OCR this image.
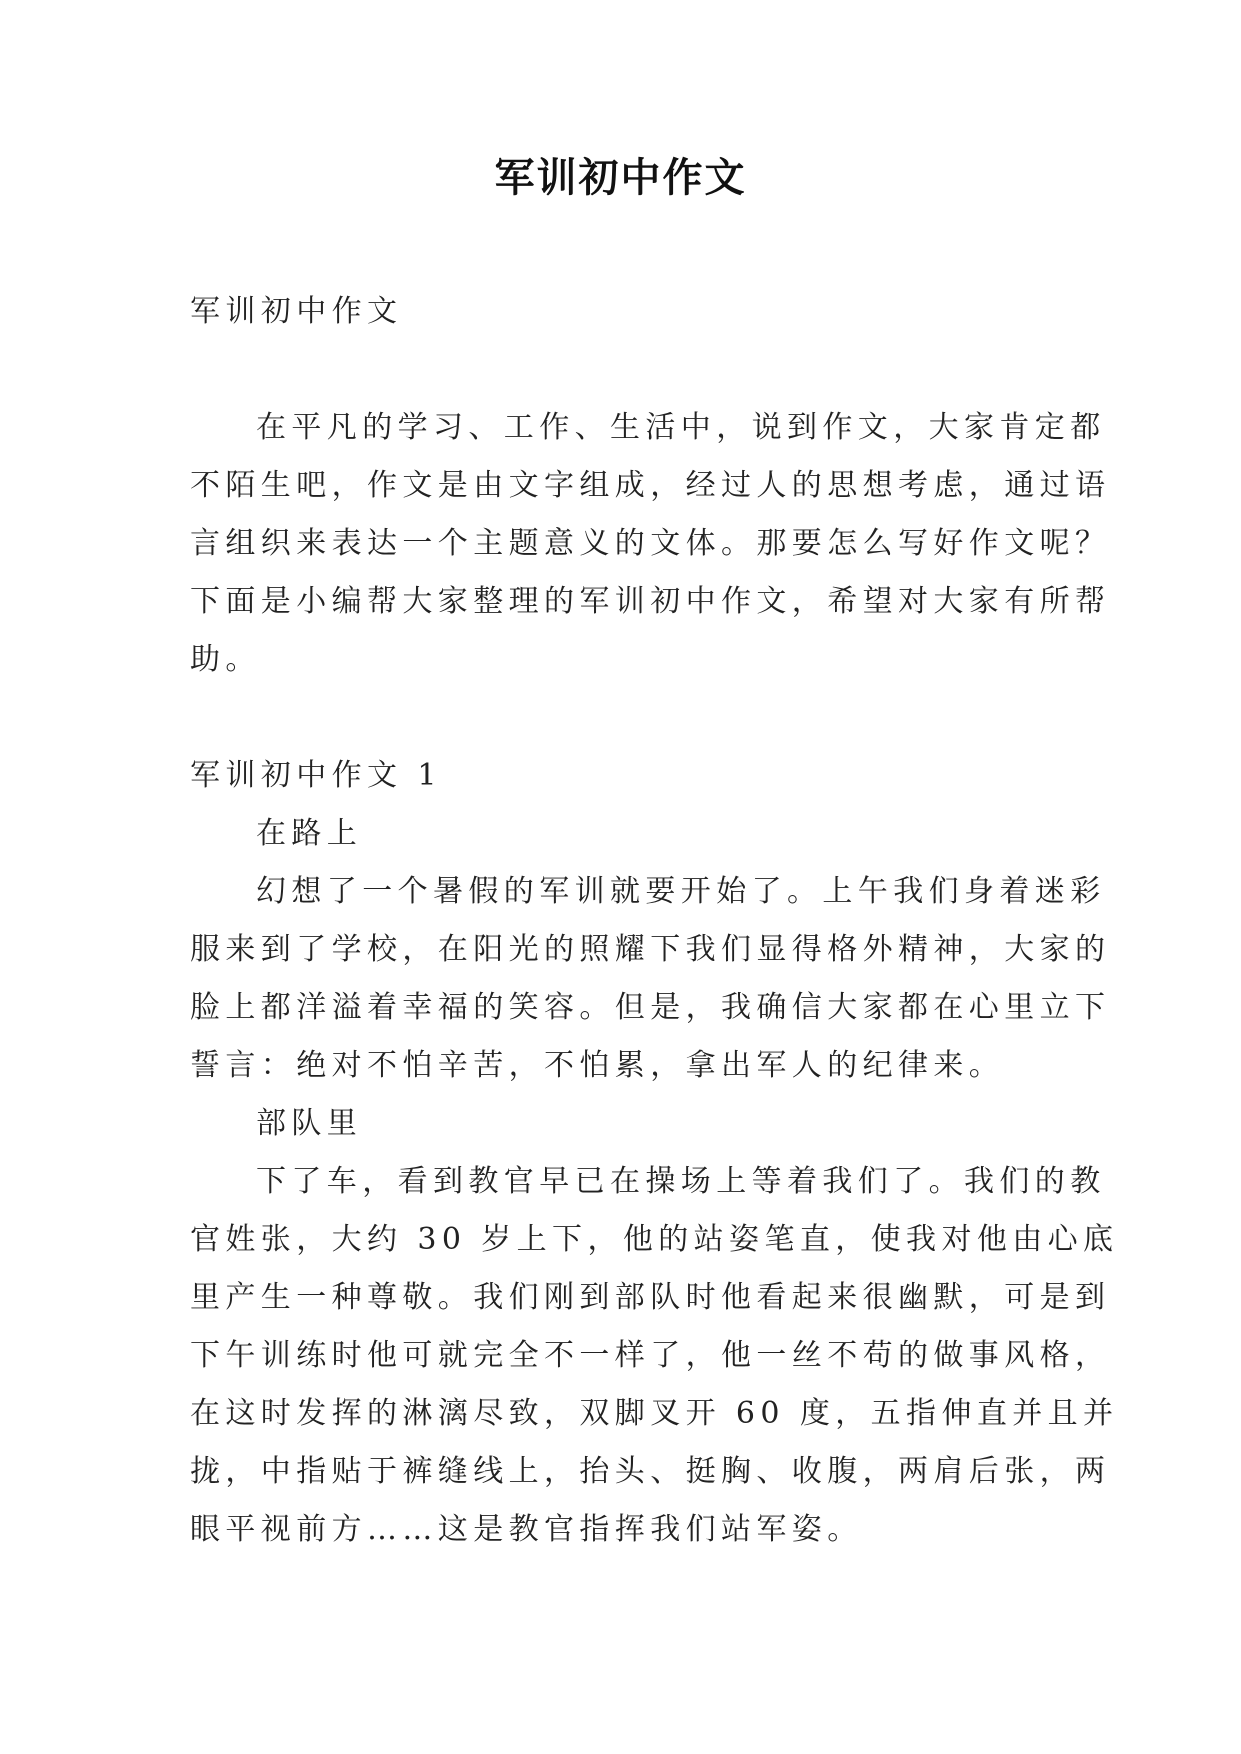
军训初中作文
军训初中作文
在平凡的学习、工作、生活中，说到作文，大家肯定都
不陌生吧，作文是由文字组成，经过人的思想考虑，通过语
言组织来表达一个主题意义的文体。那要怎么写好作文呢？
下面是小编帮大家整理的军训初中作文，希望对大家有所帮
助。
军训初中作文 1
在路上
幻想了一个暑假的军训就要开始了。上午我们身着迷彩
服来到了学校，在阳光的照耀下我们显得格外精神，大家的
脸上都洋溢着幸福的笑容。但是，我确信大家都在心里立下
誓言：绝对不怕辛苦，不怕累，拿出军人的纪律来。
部队里
下了车，看到教官早已在操场上等着我们了。我们的教
官姓张，大约 30 岁上下，他的站姿笔直，使我对他由心底
里产生一种尊敬。我们刚到部队时他看起来很幽默，可是到
下午训练时他可就完全不一样了，他一丝不苟的做事风格，
在这时发挥的淋漓尽致，双脚叉开 60 度，五指伸直并且并
拢，中指贴于裤缝线上，抬头、挺胸、收腹，两肩后张，两
眼平视前方……这是教官指挥我们站军姿。
